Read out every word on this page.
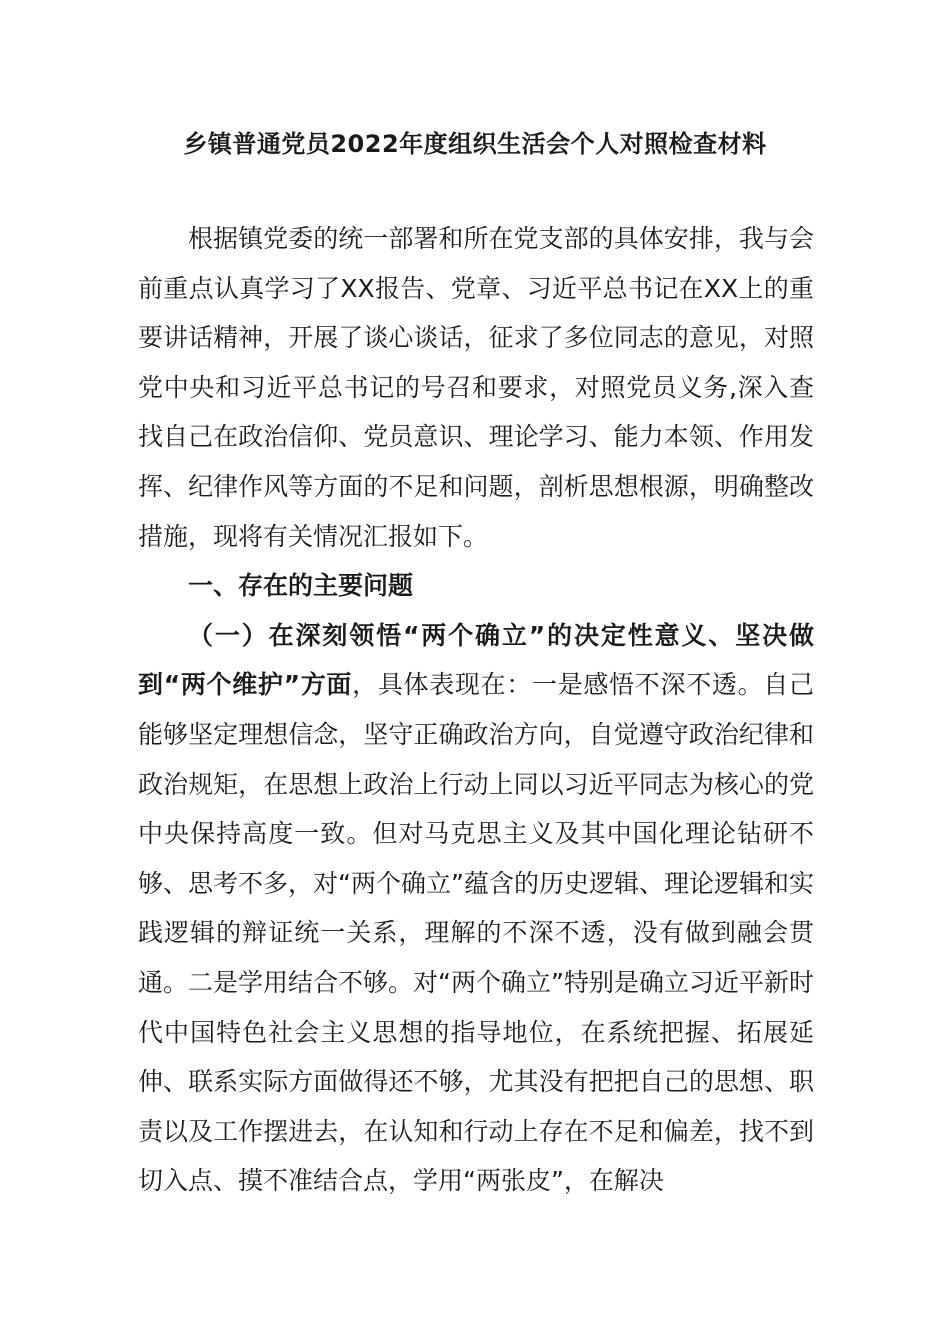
乡镇普通党员2022年度组织生活会个人对照检查材料

根据镇党委的统一部署和所在党支部的具体安排，我与会前重点认真学习了XX报告、党章、习近平总书记在XX上的重要讲话精神，开展了谈心谈话，征求了多位同志的意见，对照党中央和习近平总书记的号召和要求，对照党员义务,深入查找自己在政治信仰、党员意识、理论学习、能力本领、作用发挥、纪律作风等方面的不足和问题，剖析思想根源，明确整改措施，现将有关情况汇报如下。

一、存在的主要问题

（一）在深刻领悟“两个确立”的决定性意义、坚决做到“两个维护”方面，具体表现在：一是感悟不深不透。自己能够坚定理想信念，坚守正确政治方向，自觉遵守政治纪律和政治规矩，在思想上政治上行动上同以习近平同志为核心的党中央保持高度一致。但对马克思主义及其中国化理论钻研不够、思考不多，对“两个确立”蕴含的历史逻辑、理论逻辑和实践逻辑的辩证统一关系，理解的不深不透，没有做到融会贯通。二是学用结合不够。对“两个确立”特别是确立习近平新时代中国特色社会主义思想的指导地位，在系统把握、拓展延伸、联系实际方面做得还不够，尤其没有把把自己的思想、职责以及工作摆进去，在认知和行动上存在不足和偏差，找不到切入点、摸不准结合点，学用“两张皮”，在解决
